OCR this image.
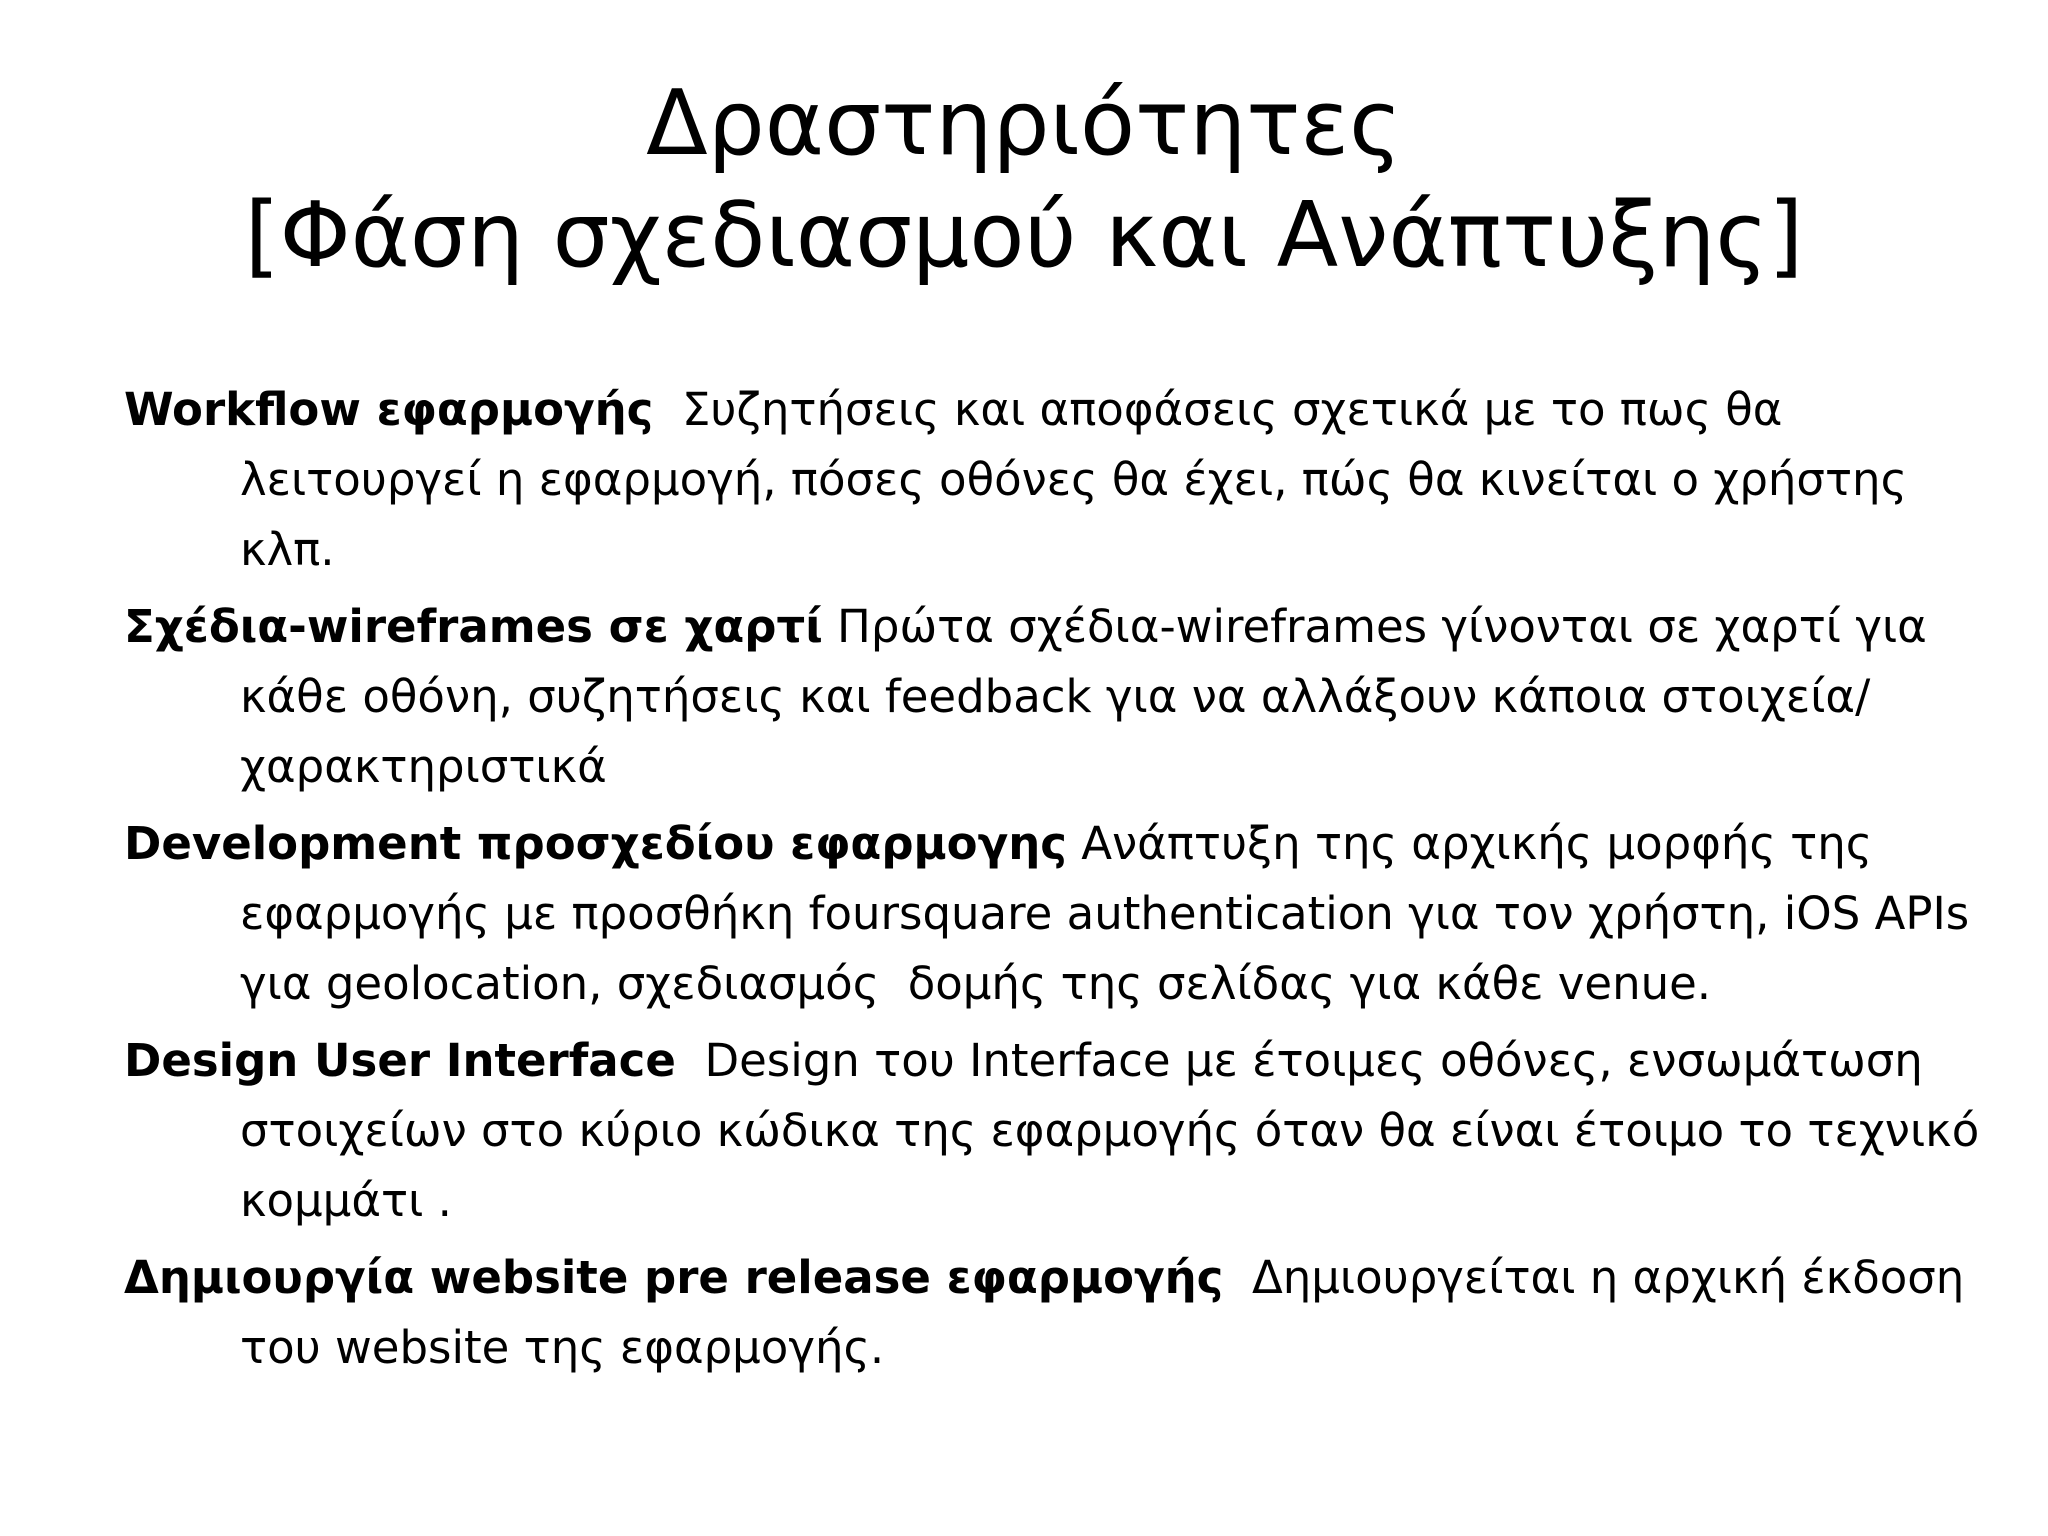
Δραστηριότητες
[Φάση σχεδιασμού και Ανάπτυξης]
Workflow εφαρμογής  Συζητήσεις και αποφάσεις σχετικά με το πως θα λειτουργεί η εφαρμογή, πόσες οθόνες θα έχει, πώς θα κινείται ο χρήστης κλπ.
Σχέδια-wireframes σε χαρτί Πρώτα σχέδια-wireframes γίνονται σε χαρτί για κάθε οθόνη, συζητήσεις και feedback για να αλλάξουν κάποια στοιχεία/χαρακτηριστικά
Development προσχεδίου εφαρμογης Ανάπτυξη της αρχικής μορφής της εφαρμογής με προσθήκη foursquare authentication για τον χρήστη, iOS APIs για geolocation, σχεδιασμός  δομής της σελίδας για κάθε venue.
Design User Interface  Design του Interface με έτοιμες οθόνες, ενσωμάτωση στοιχείων στο κύριο κώδικα της εφαρμογής όταν θα είναι έτοιμο το τεχνικό κομμάτι .
Δημιουργία website pre release εφαρμογής  Δημιουργείται η αρχική έκδοση του website της εφαρμογής.
